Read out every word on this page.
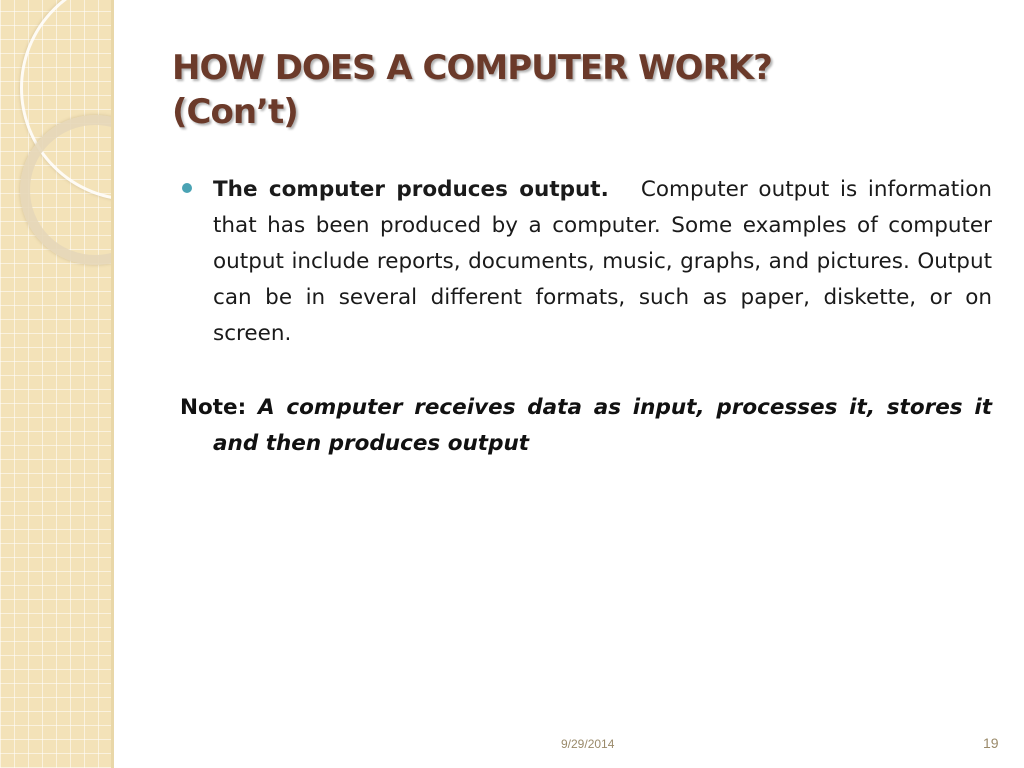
HOW DOES A COMPUTER WORK?
(Con’t)
The computer produces output. Computer output is information that has been produced by a computer. Some examples of computer output include reports, documents, music, graphs, and pictures. Output can be in several different formats, such as paper, diskette, or on screen.
Note: A computer receives data as input, processes it, stores it and then produces output
9/29/2014	19
